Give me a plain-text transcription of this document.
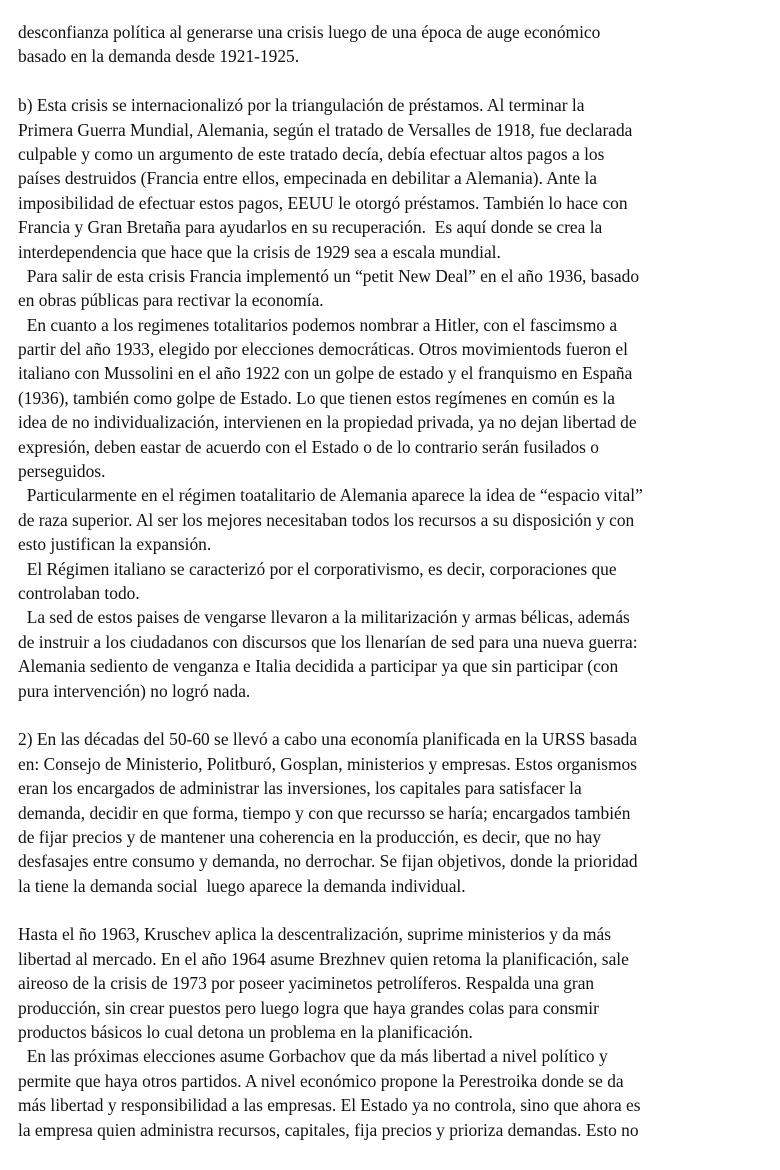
desconfianza política al generarse una crisis luego de una época de auge económico
basado en la demanda desde 1921-1925.
b) Esta crisis se internacionalizó por la triangulación de préstamos. Al terminar la
Primera Guerra Mundial, Alemania, según el tratado de Versalles de 1918, fue declarada
culpable y como un argumento de este tratado decía, debía efectuar altos pagos a los
países destruidos (Francia entre ellos, empecinada en debilitar a Alemania). Ante la
imposibilidad de efectuar estos pagos, EEUU le otorgó préstamos. También lo hace con
Francia y Gran Bretaña para ayudarlos en su recuperación.  Es aquí donde se crea la
interdependencia que hace que la crisis de 1929 sea a escala mundial.
Para salir de esta crisis Francia implementó un “petit New Deal” en el año 1936, basado
en obras públicas para rectivar la economía.
En cuanto a los regimenes totalitarios podemos nombrar a Hitler, con el fascimsmo a
partir del año 1933, elegido por elecciones democráticas. Otros movimientods fueron el
italiano con Mussolini en el año 1922 con un golpe de estado y el franquismo en España
(1936), también como golpe de Estado. Lo que tienen estos regímenes en común es la
idea de no individualización, intervienen en la propiedad privada, ya no dejan libertad de
expresión, deben eastar de acuerdo con el Estado o de lo contrario serán fusilados o
perseguidos.
Particularmente en el régimen toatalitario de Alemania aparece la idea de “espacio vital”
de raza superior. Al ser los mejores necesitaban todos los recursos a su disposición y con
esto justifican la expansión.
El Régimen italiano se caracterizó por el corporativismo, es decir, corporaciones que
controlaban todo.
La sed de estos paises de vengarse llevaron a la militarización y armas bélicas, además
de instruir a los ciudadanos con discursos que los llenarían de sed para una nueva guerra:
Alemania sediento de venganza e Italia decidida a participar ya que sin participar (con
pura intervención) no logró nada.
2) En las décadas del 50-60 se llevó a cabo una economía planificada en la URSS basada
en: Consejo de Ministerio, Politburó, Gosplan, ministerios y empresas. Estos organismos
eran los encargados de administrar las inversiones, los capitales para satisfacer la
demanda, decidir en que forma, tiempo y con que recursso se haría; encargados también
de fijar precios y de mantener una coherencia en la producción, es decir, que no hay
desfasajes entre consumo y demanda, no derrochar. Se fijan objetivos, donde la prioridad
la tiene la demanda social  luego aparece la demanda individual.
Hasta el ño 1963, Kruschev aplica la descentralización, suprime ministerios y da más
libertad al mercado. En el año 1964 asume Brezhnev quien retoma la planificación, sale
aireoso de la crisis de 1973 por poseer yaciminetos petrolíferos. Respalda una gran
producción, sin crear puestos pero luego logra que haya grandes colas para consmir
productos básicos lo cual detona un problema en la planificación.
En las próximas elecciones asume Gorbachov que da más libertad a nivel político y
permite que haya otros partidos. A nivel económico propone la Perestroika donde se da
más libertad y responsibilidad a las empresas. El Estado ya no controla, sino que ahora es
la empresa quien administra recursos, capitales, fija precios y prioriza demandas. Esto no
